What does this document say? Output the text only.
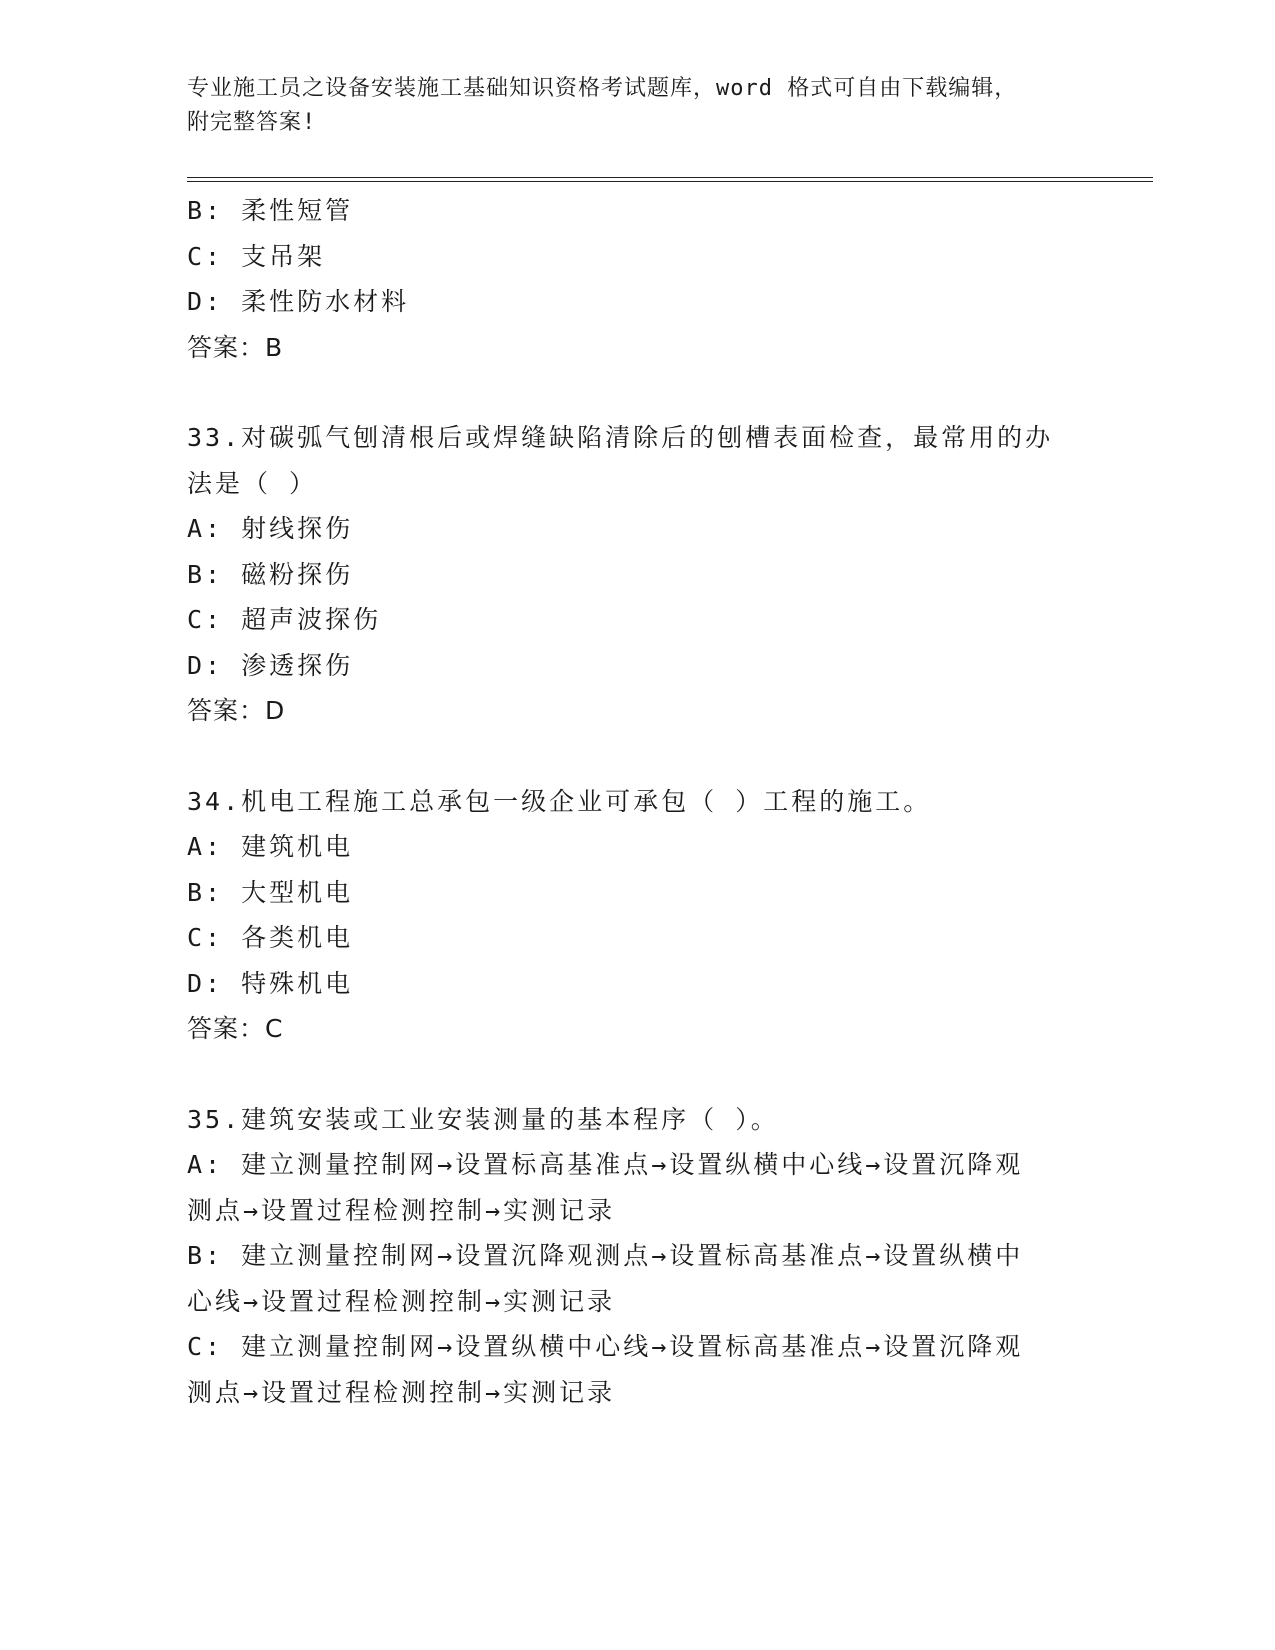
专业施工员之设备安装施工基础知识资格考试题库，word 格式可自由下载编辑，
附完整答案!
B: 柔性短管
C: 支吊架
D: 柔性防水材料
答案：B
33.对碳弧气刨清根后或焊缝缺陷清除后的刨槽表面检查，最常用的办
法是（ ）
A: 射线探伤
B: 磁粉探伤
C: 超声波探伤
D: 渗透探伤
答案：D
34.机电工程施工总承包一级企业可承包（ ）工程的施工。
A: 建筑机电
B: 大型机电
C: 各类机电
D: 特殊机电
答案：C
35.建筑安装或工业安装测量的基本程序（ ）。
A: 建立测量控制网→设置标高基准点→设置纵横中心线→设置沉降观
测点→设置过程检测控制→实测记录
B: 建立测量控制网→设置沉降观测点→设置标高基准点→设置纵横中
心线→设置过程检测控制→实测记录
C: 建立测量控制网→设置纵横中心线→设置标高基准点→设置沉降观
测点→设置过程检测控制→实测记录
